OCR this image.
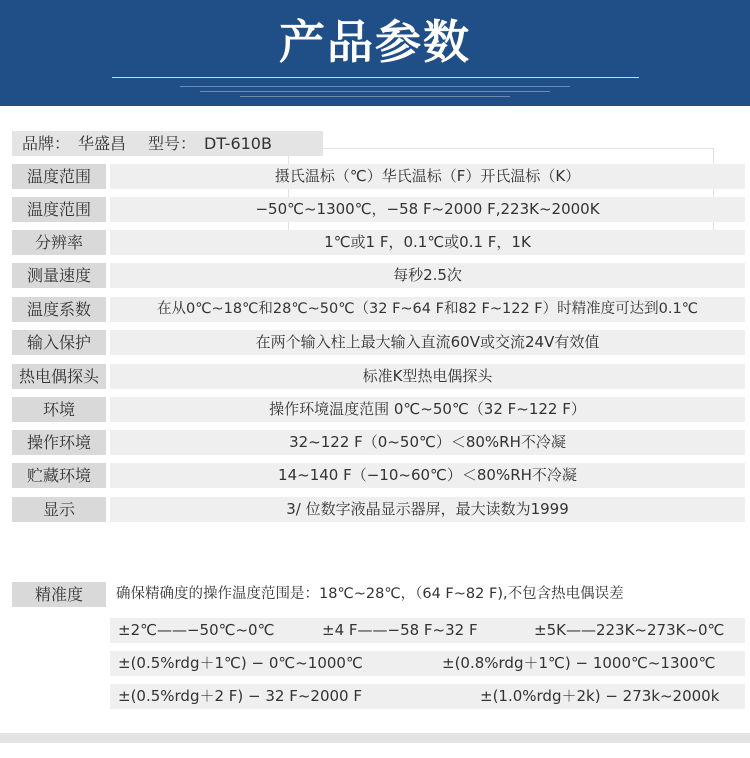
产品参数
品牌： 华盛昌 型号： DT-610B
温度范围	摄氏温标（℃）华氏温标（F）开氏温标（K）
温度范围	−50℃~1300℃，−58 F~2000 F,223K~2000K
分辨率	1℃或1 F，0.1℃或0.1 F，1K
测量速度	每秒2.5次
温度系数	在从0℃~18℃和28℃~50℃（32 F~64 F和82 F~122 F）时精准度可达到0.1℃
输入保护	在两个输入柱上最大输入直流60V或交流24V有效值
热电偶探头	标准K型热电偶探头
环境	操作环境温度范围 0℃~50℃（32 F~122 F）
操作环境	32~122 F（0~50℃）＜80%RH不冷凝
贮藏环境	14~140 F（−10~60℃）＜80%RH不冷凝
显示	3/ 位数字液晶显示器屏，最大读数为1999
精准度	确保精确度的操作温度范围是：18℃~28℃，（64 F~82 F),不包含热电偶误差
±2℃——−50℃~0℃	±4 F——−58 F~32 F	±5K——223K~273K~0℃
±(0.5%rdg＋1℃) − 0℃~1000℃	±(0.8%rdg＋1℃) − 1000℃~1300℃
±(0.5%rdg＋2 F) − 32 F~2000 F	±(1.0%rdg＋2k) − 273k~2000k
